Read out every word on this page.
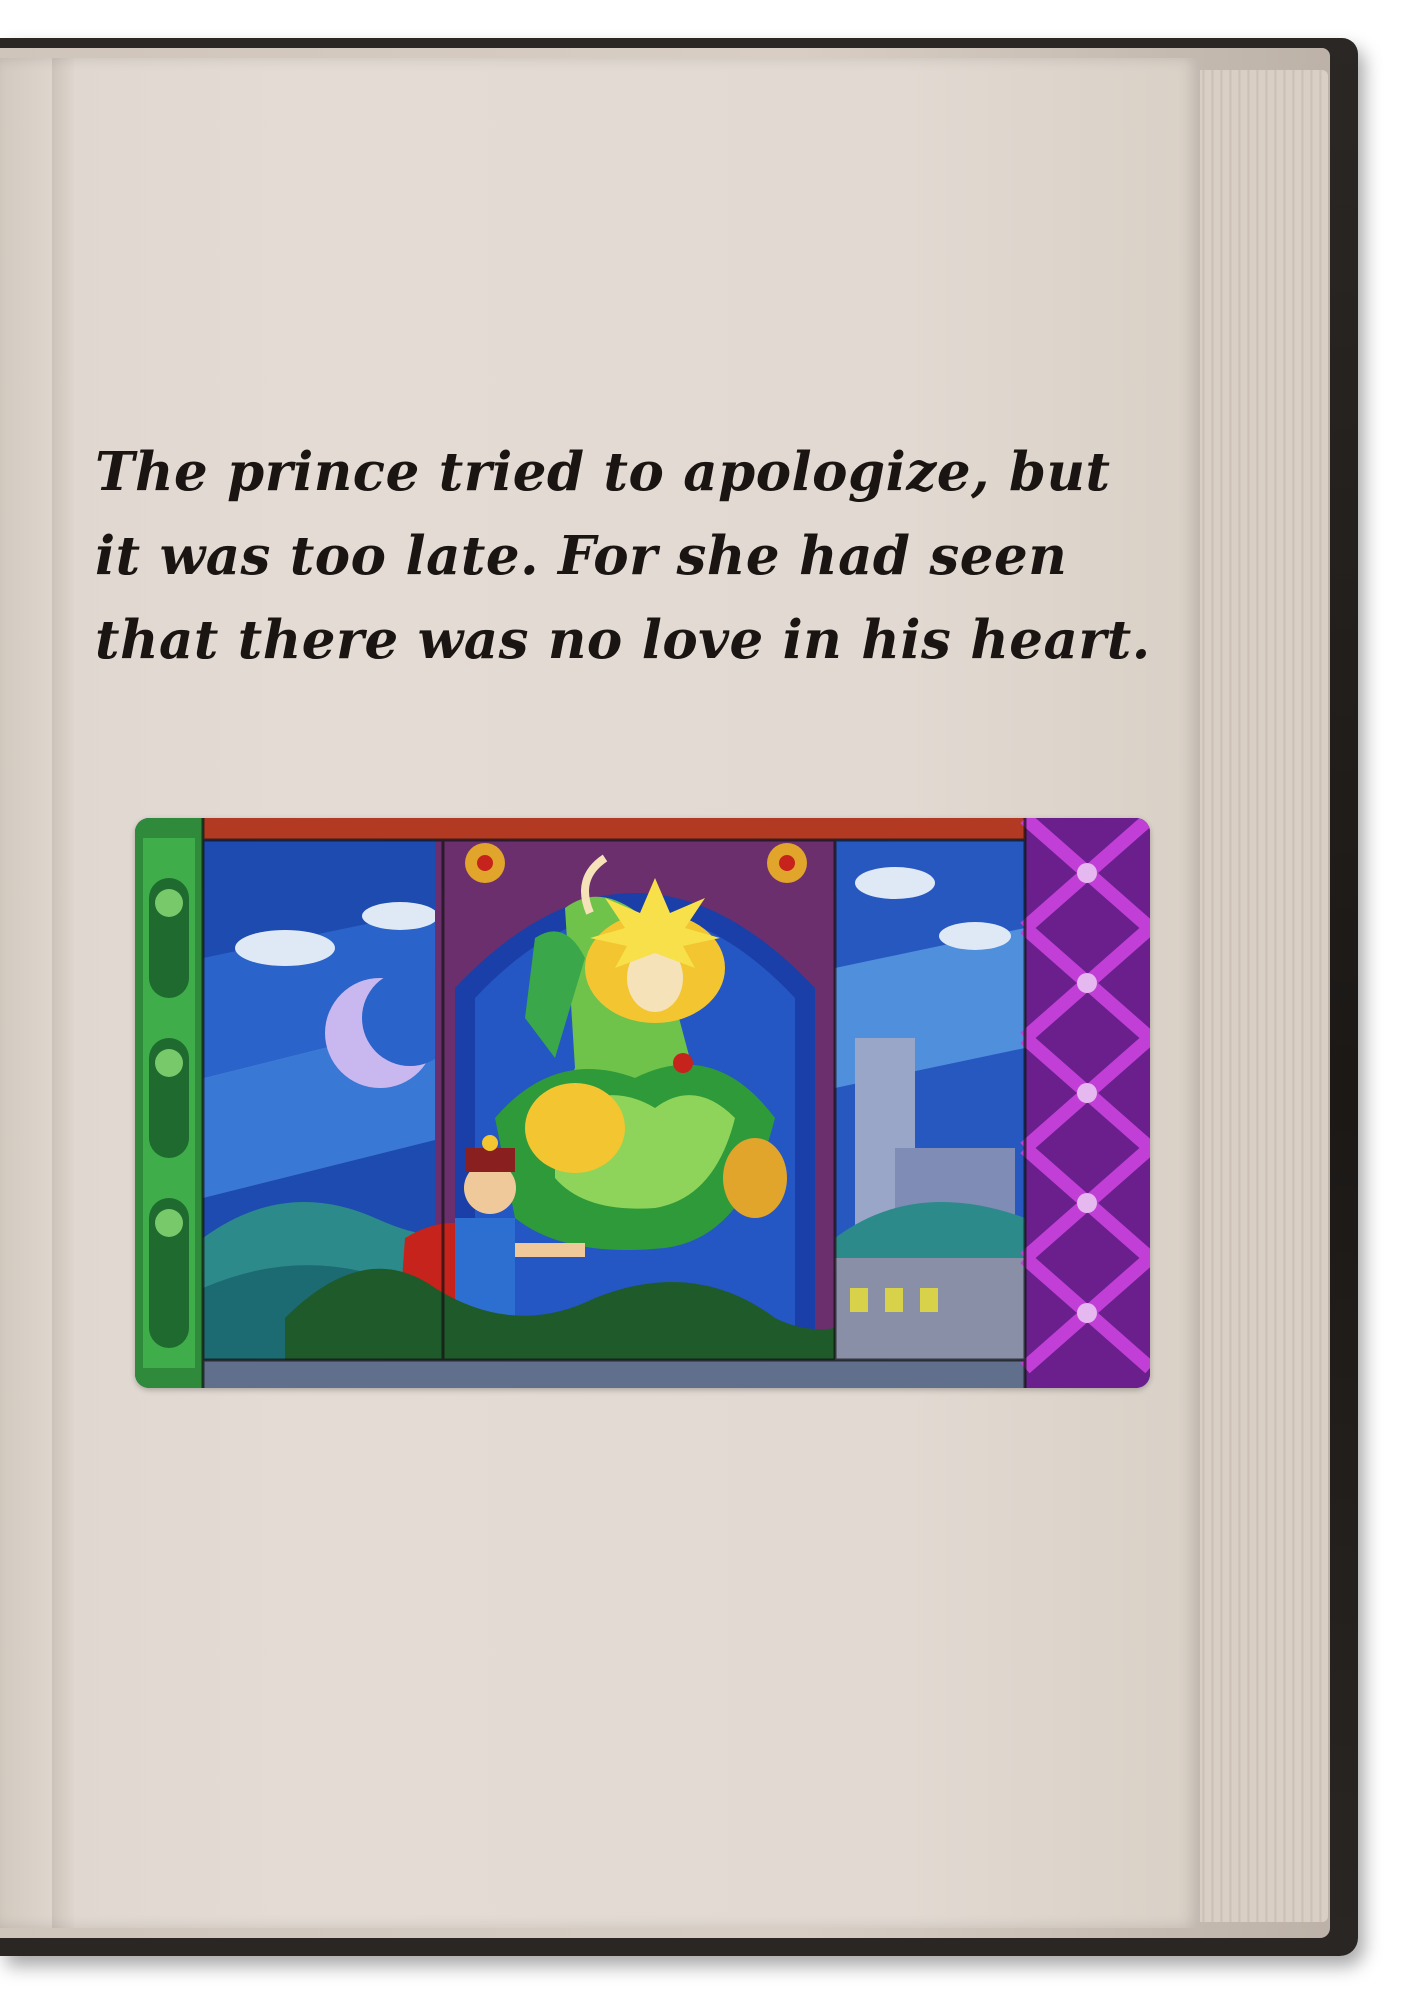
The prince tried to apologize, but it was too late. For she had seen that there was no love in his heart.
